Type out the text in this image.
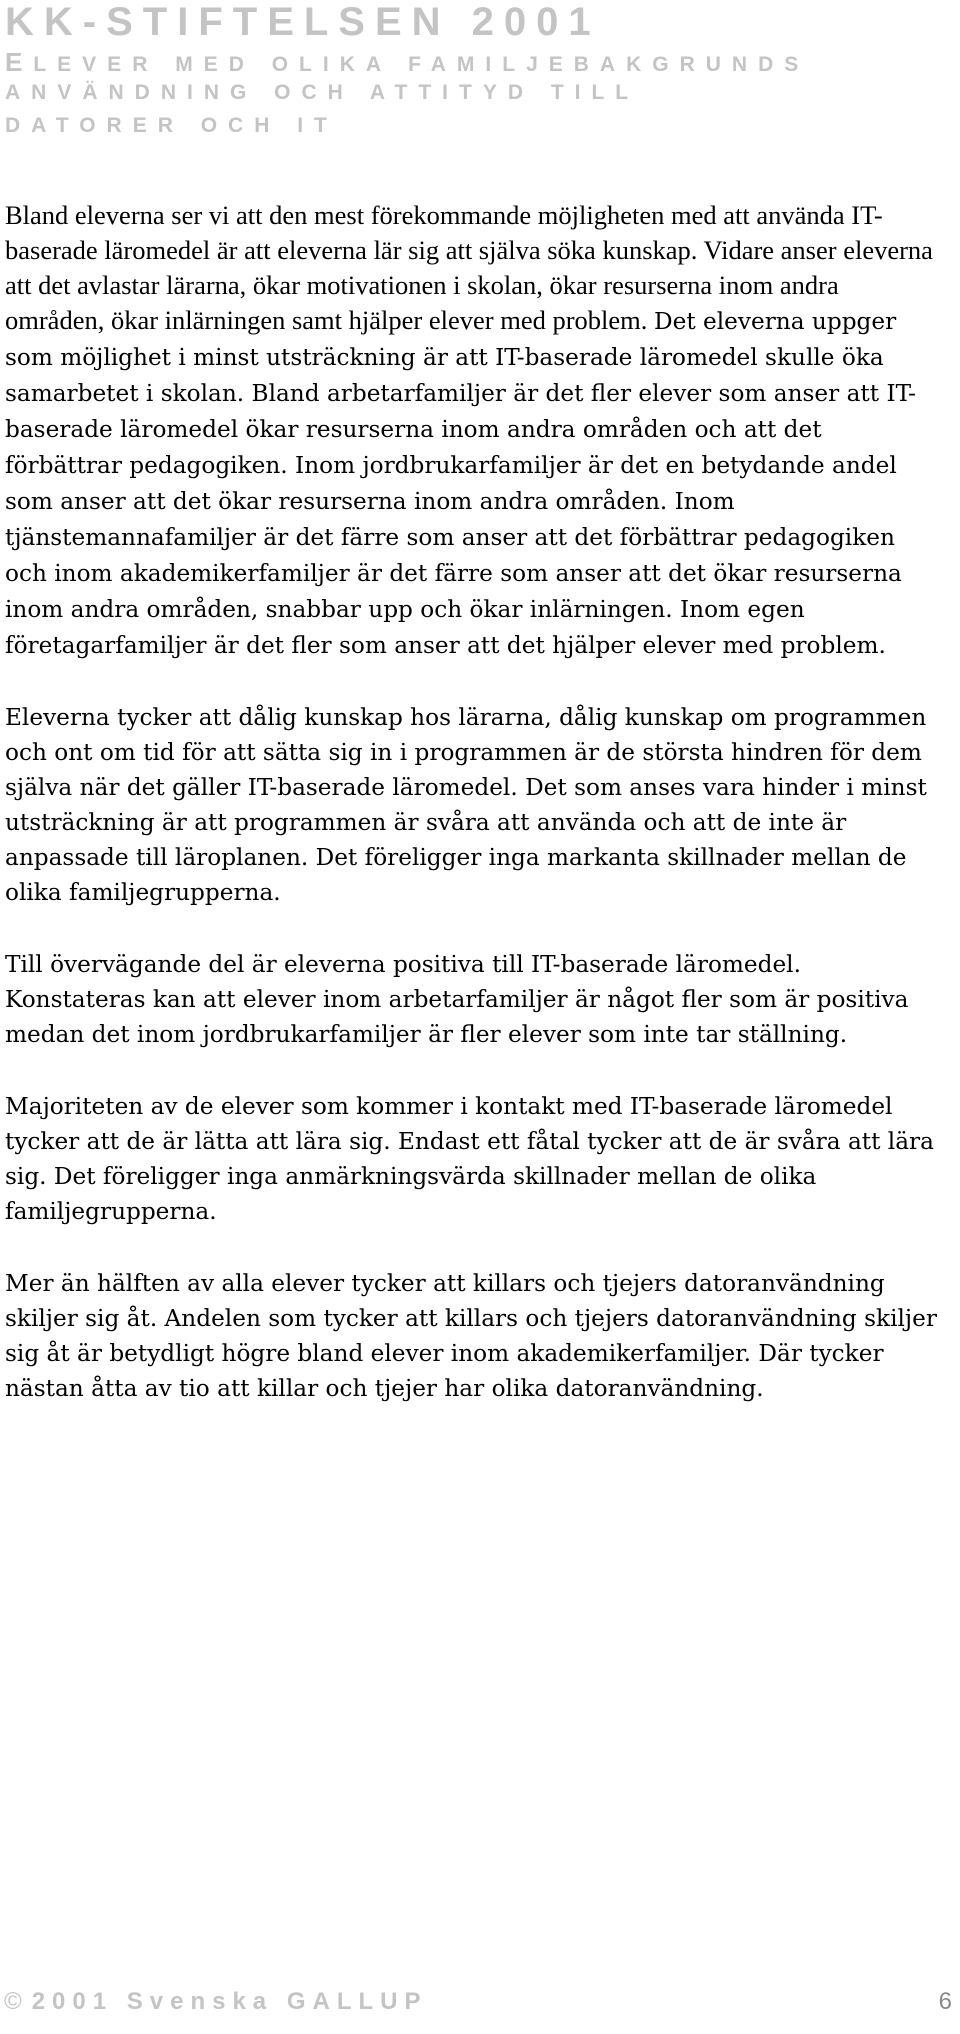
KK-STIFTELSEN 2001
ELEVER MED OLIKA FAMILJEBAKGRUNDS
ANVÄNDNING OCH ATTITYD TILL
DATORER OCH IT

Bland eleverna ser vi att den mest förekommande möjligheten med att använda IT-baserade läromedel är att eleverna lär sig att själva söka kunskap. Vidare anser eleverna att det avlastar lärarna, ökar motivationen i skolan, ökar resurserna inom andra områden, ökar inlärningen samt hjälper elever med problem. Det eleverna uppger som möjlighet i minst utsträckning är att IT-baserade läromedel skulle öka samarbetet i skolan. Bland arbetarfamiljer är det fler elever som anser att IT-baserade läromedel ökar resurserna inom andra områden och att det förbättrar pedagogiken. Inom jordbrukarfamiljer är det en betydande andel som anser att det ökar resurserna inom andra områden. Inom tjänstemannafamiljer är det färre som anser att det förbättrar pedagogiken och inom akademikerfamiljer är det färre som anser att det ökar resurserna inom andra områden, snabbar upp och ökar inlärningen. Inom egen företagarfamiljer är det fler som anser att det hjälper elever med problem.

Eleverna tycker att dålig kunskap hos lärarna, dålig kunskap om programmen och ont om tid för att sätta sig in i programmen är de största hindren för dem själva när det gäller IT-baserade läromedel. Det som anses vara hinder i minst utsträckning är att programmen är svåra att använda och att de inte är anpassade till läroplanen. Det föreligger inga markanta skillnader mellan de olika familjegrupperna.

Till övervägande del är eleverna positiva till IT-baserade läromedel. Konstateras kan att elever inom arbetarfamiljer är något fler som är positiva medan det inom jordbrukarfamiljer är fler elever som inte tar ställning.

Majoriteten av de elever som kommer i kontakt med IT-baserade läromedel tycker att de är lätta att lära sig. Endast ett fåtal tycker att de är svåra att lära sig. Det föreligger inga anmärkningsvärda skillnader mellan de olika familjegrupperna.

Mer än hälften av alla elever tycker att killars och tjejers datoranvändning skiljer sig åt. Andelen som tycker att killars och tjejers datoranvändning skiljer sig åt är betydligt högre bland elever inom akademikerfamiljer. Där tycker nästan åtta av tio att killar och tjejer har olika datoranvändning.

© 2001 Svenska GALLUP	6
